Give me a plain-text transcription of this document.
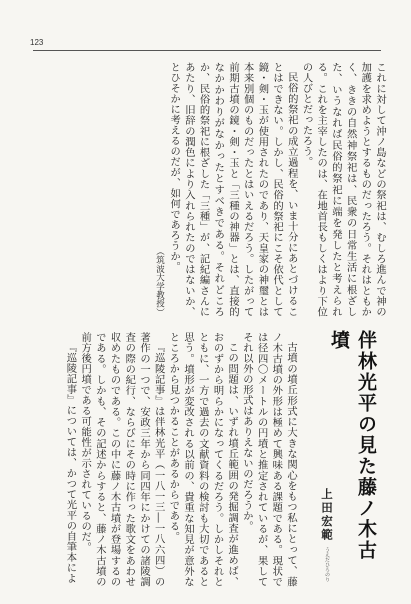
123

これに対して沖ノ島などの祭祀は、むしろ進んで神の加護を求めようとするものだったろう。それはともかく、ききの自然神祭祀は、民衆の日常生活に根ざした、いうなれば民俗的祭祀に端を発したと考えられる。これを主宰したのは、在地首長もしくはより下位の人びとだったろう。

民俗的祭祀の成立過程を、いま十分にあとづけることはできない。しかし、民俗的祭祀にこそ依代として鏡・剣・玉が使用されたのであり、天皇家の神璽とは本来別個のものだったとはいえるだろう。したがって前期古墳の鏡・剣・玉と「三種の神器」とは、直接的なかかわりがなかったとすべきである。それどころか、民俗的祭祀に根ざした「三種」が、記紀編さんにあたり、旧辞の潤色により入れられたのではないか、とひそかに考えるのだが、如何であろうか。

（筑波大学教授）
伴林光平の見た藤ノ木古墳
上田宏範 うえだひろのり

古墳の墳丘形式に大きな関心をもつ私にとって、藤ノ木古墳の外形は極めて興味ある課題である。現状では径四〇メートルの円墳と推定されているが、果してそれ以外の形式はありえないのだろうか。

この問題は、いずれ墳丘範囲の発掘調査が進めば、おのずから明らかになってくるだろう。しかしそれとともに、一方で過去の文献資料の検討も大切であると思う。墳形が変改される以前の、貴重な知見が意外なところから見つかることがあるからである。

『巡陵記事』は伴林光平（一八一三―一八六四）の著作の一つで、安政三年から同四年にかけての諸陵調査の際の紀行、ならびにその時に作った歌文をあわせ収めたものである。この中に藤ノ木古墳が登場するのである。しかも、その記述からすると、藤ノ木古墳の前方後円墳である可能性が示されているのだ。

『巡陵記事』については、かつて光平の自筆本によ
